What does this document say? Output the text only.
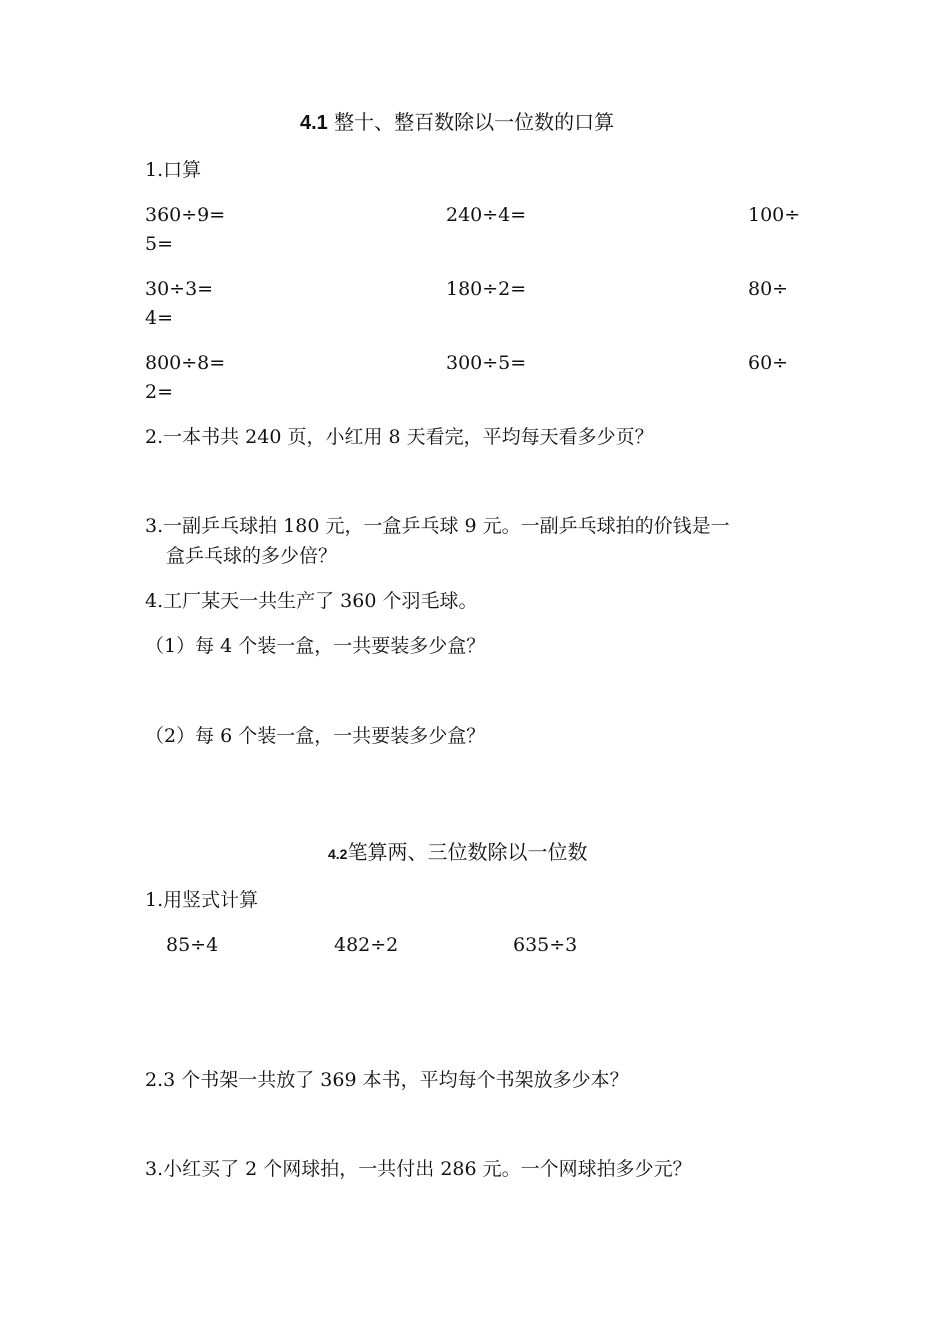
4.1 整十、整百数除以一位数的口算
1.口算
360÷9=	240÷4=	100÷
5=
30÷3=	180÷2=	80÷
4=
800÷8=	300÷5=	60÷
2=
2.一本书共 240 页，小红用 8 天看完，平均每天看多少页？
3.一副乒乓球拍 180 元，一盒乒乓球 9 元。一副乒乓球拍的价钱是一
盒乒乓球的多少倍？
4.工厂某天一共生产了 360 个羽毛球。
（1）每 4 个装一盒，一共要装多少盒？
（2）每 6 个装一盒，一共要装多少盒？
4.2笔算两、三位数除以一位数
1.用竖式计算
85÷4	482÷2	635÷3
2.3 个书架一共放了 369 本书，平均每个书架放多少本？
3.小红买了 2 个网球拍，一共付出 286 元。一个网球拍多少元？
